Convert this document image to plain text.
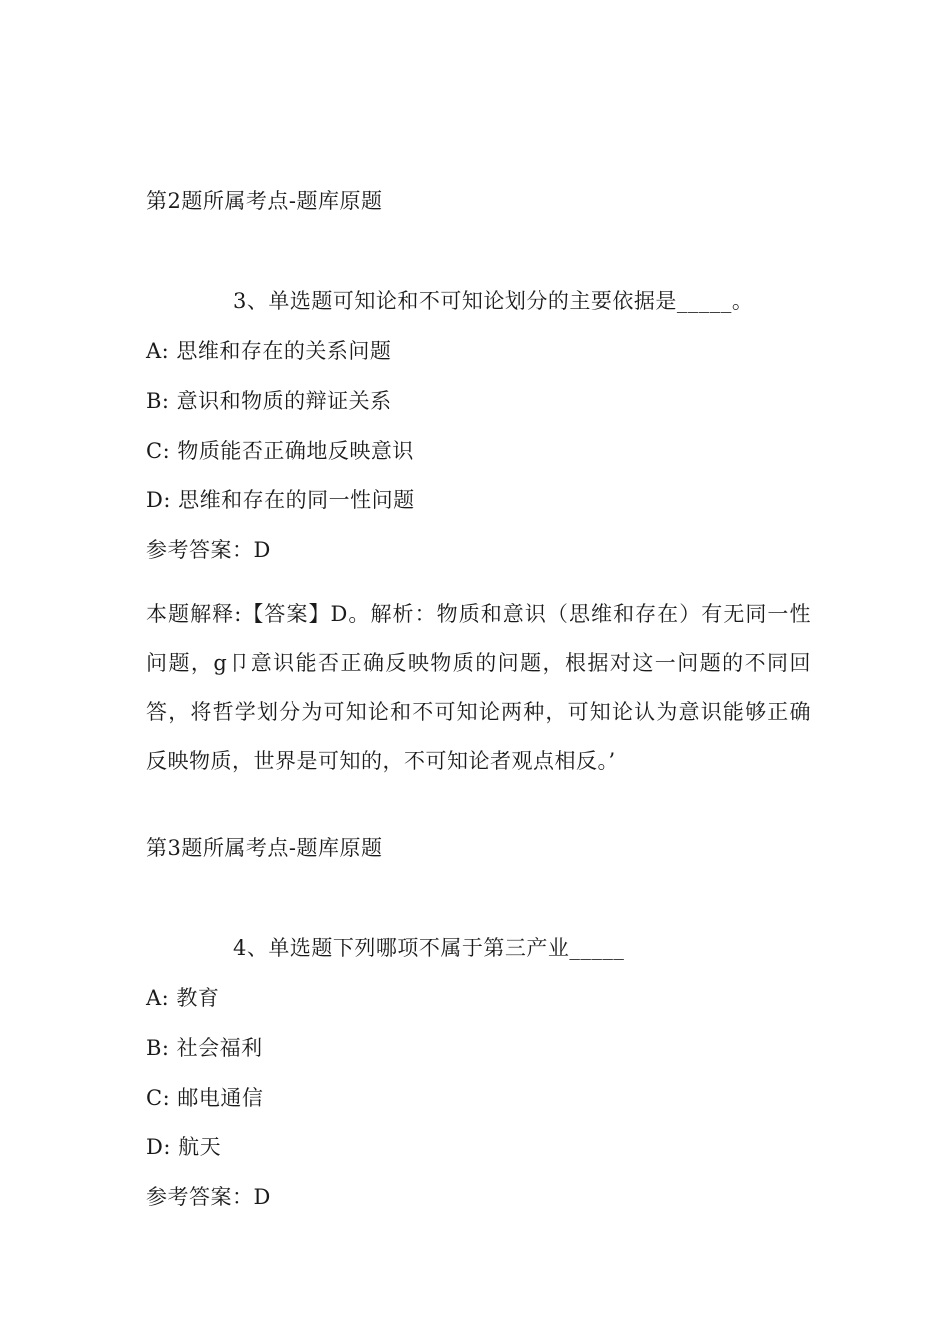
第2题所属考点-题库原题
3、单选题可知论和不可知论划分的主要依据是_____。
A: 思维和存在的关系问题
B: 意识和物质的辩证关系
C: 物质能否正确地反映意识
D: 思维和存在的同一性问题
参考答案：D
本题解释:【答案】D。解析：物质和意识（思维和存在）有无同一性问题，g卩意识能否正确反映物质的问题，根据对这一问题的不同回答，将哲学划分为可知论和不可知论两种，可知论认为意识能够正确反映物质，世界是可知的，不可知论者观点相反。’
第3题所属考点-题库原题
4、单选题下列哪项不属于第三产业_____
A: 教育
B: 社会福利
C: 邮电通信
D: 航天
参考答案：D
